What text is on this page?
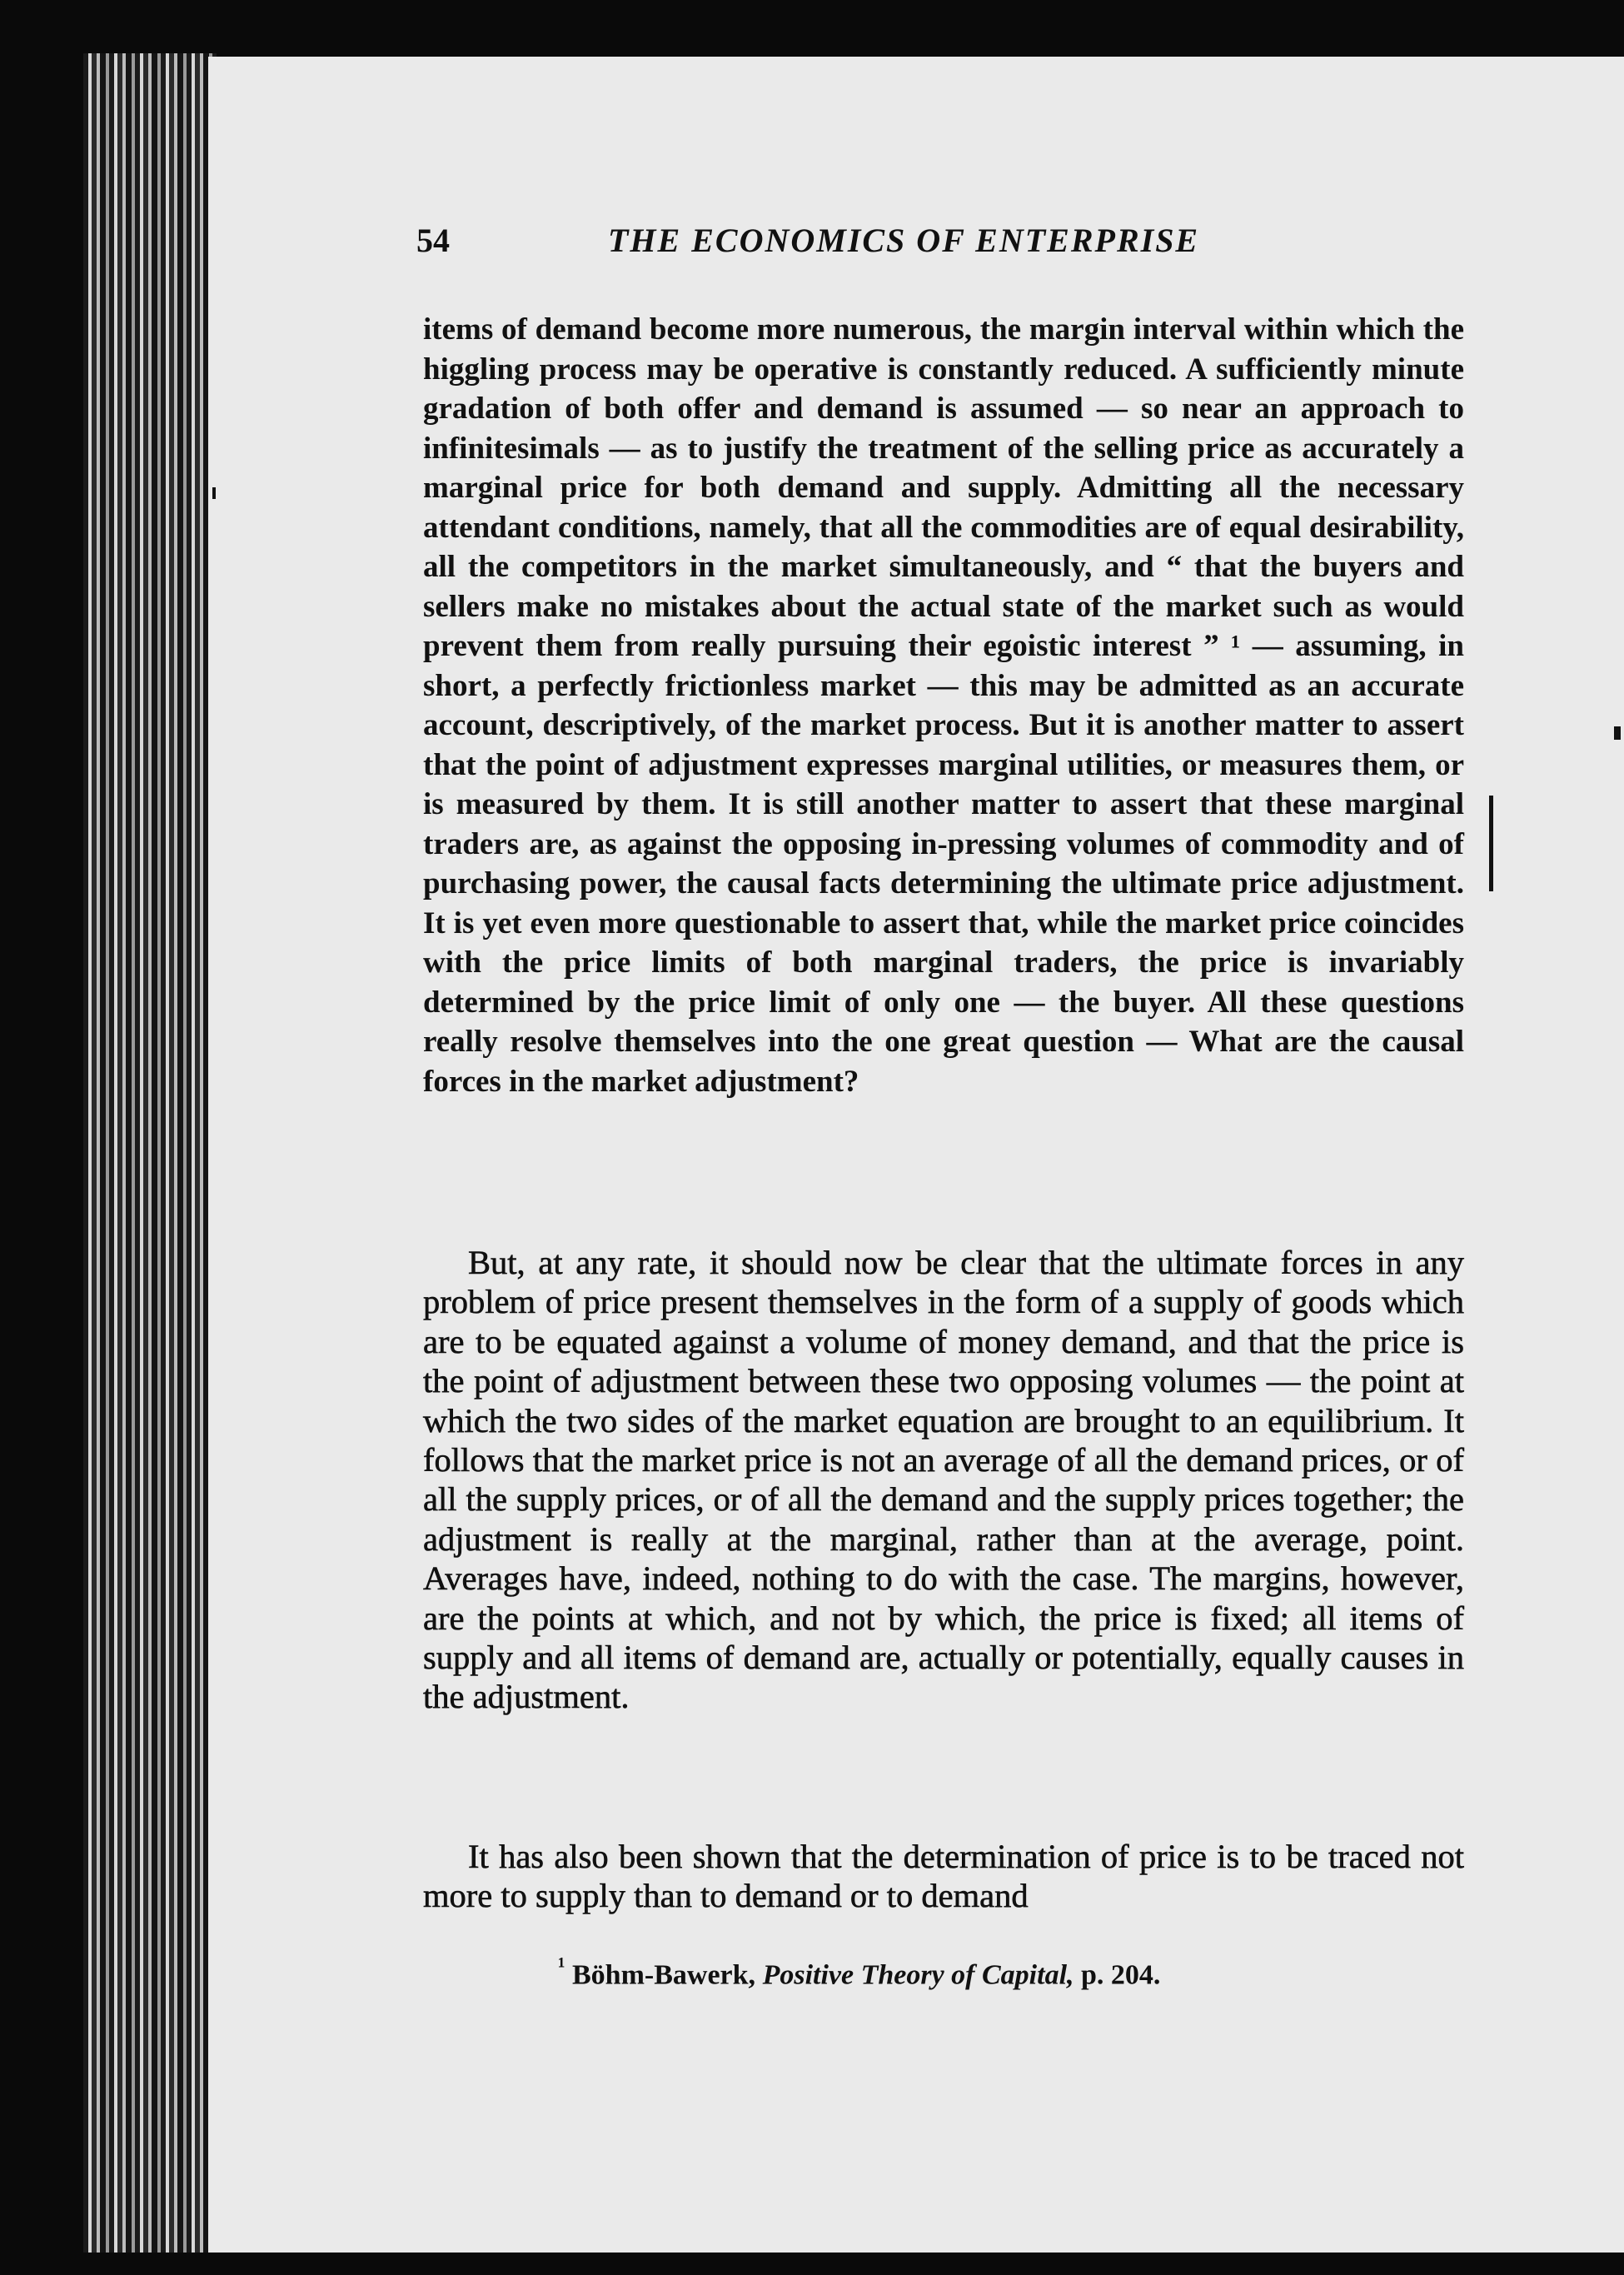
54	THE ECONOMICS OF ENTERPRISE

items of demand become more numerous, the margin interval within which the higgling process may be operative is constantly reduced. A sufficiently minute gradation of both offer and demand is assumed — so near an approach to infinitesimals — as to justify the treatment of the selling price as accurately a marginal price for both demand and supply. Admitting all the necessary attendant conditions, namely, that all the commodities are of equal desirability, all the competitors in the market simultaneously, and “ that the buyers and sellers make no mistakes about the actual state of the market such as would prevent them from really pursuing their egoistic interest ” ¹ — assuming, in short, a perfectly frictionless market — this may be admitted as an accurate account, descriptively, of the market process. But it is another matter to assert that the point of adjustment expresses marginal utilities, or measures them, or is measured by them. It is still another matter to assert that these marginal traders are, as against the opposing in-pressing volumes of commodity and of purchasing power, the causal facts determining the ultimate price adjustment. It is yet even more questionable to assert that, while the market price coincides with the price limits of both marginal traders, the price is invariably determined by the price limit of only one — the buyer. All these questions really resolve themselves into the one great question — What are the causal forces in the market adjustment?

But, at any rate, it should now be clear that the ultimate forces in any problem of price present themselves in the form of a supply of goods which are to be equated against a volume of money demand, and that the price is the point of adjustment between these two opposing volumes — the point at which the two sides of the market equation are brought to an equilibrium. It follows that the market price is not an average of all the demand prices, or of all the supply prices, or of all the demand and the supply prices together; the adjustment is really at the marginal, rather than at the average, point. Averages have, indeed, nothing to do with the case. The margins, however, are the points at which, and not by which, the price is fixed; all items of supply and all items of demand are, actually or potentially, equally causes in the adjustment.

It has also been shown that the determination of price is to be traced not more to supply than to demand or to demand

$^{^1}$ Böhm-Bawerk, Positive Theory of Capital, p. 204.
